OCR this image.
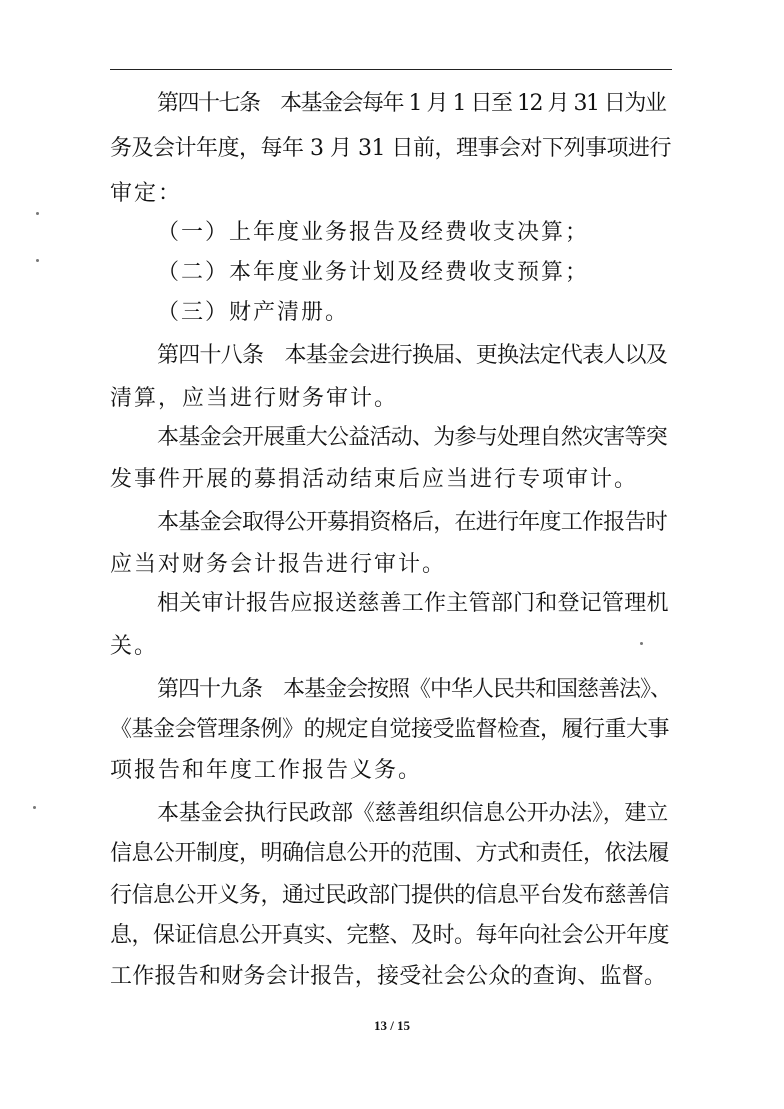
第四十七条　本基金会每年 1 月 1 日至 12 月 31 日为业
务及会计年度，每年 3 月 31 日前，理事会对下列事项进行
审定：
（一）上年度业务报告及经费收支决算；
（二）本年度业务计划及经费收支预算；
（三）财产清册。
第四十八条　本基金会进行换届、更换法定代表人以及
清算，应当进行财务审计。
本基金会开展重大公益活动、为参与处理自然灾害等突
发事件开展的募捐活动结束后应当进行专项审计。
本基金会取得公开募捐资格后，在进行年度工作报告时
应当对财务会计报告进行审计。
相关审计报告应报送慈善工作主管部门和登记管理机
关。
第四十九条　本基金会按照《中华人民共和国慈善法》、
《基金会管理条例》的规定自觉接受监督检查，履行重大事
项报告和年度工作报告义务。
本基金会执行民政部《慈善组织信息公开办法》，建立
信息公开制度，明确信息公开的范围、方式和责任，依法履
行信息公开义务，通过民政部门提供的信息平台发布慈善信
息，保证信息公开真实、完整、及时。每年向社会公开年度
工作报告和财务会计报告，接受社会公众的查询、监督。
13 / 15
